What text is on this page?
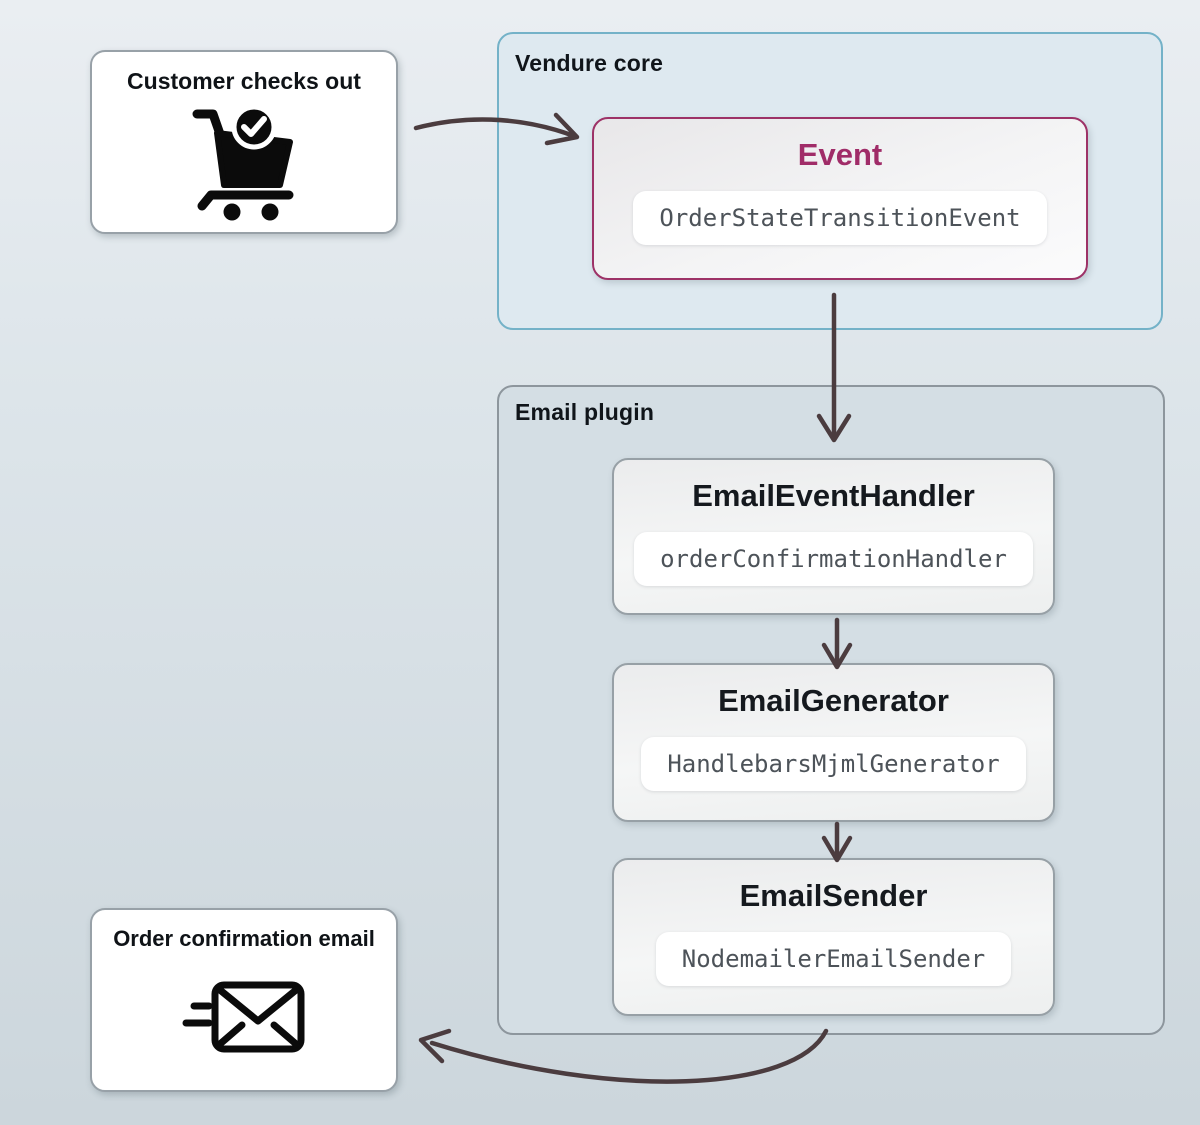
Vendure core
Email plugin
Customer checks out
Event
OrderStateTransitionEvent
EmailEventHandler
orderConfirmationHandler
EmailGenerator
HandlebarsMjmlGenerator
EmailSender
NodemailerEmailSender
Order confirmation email
